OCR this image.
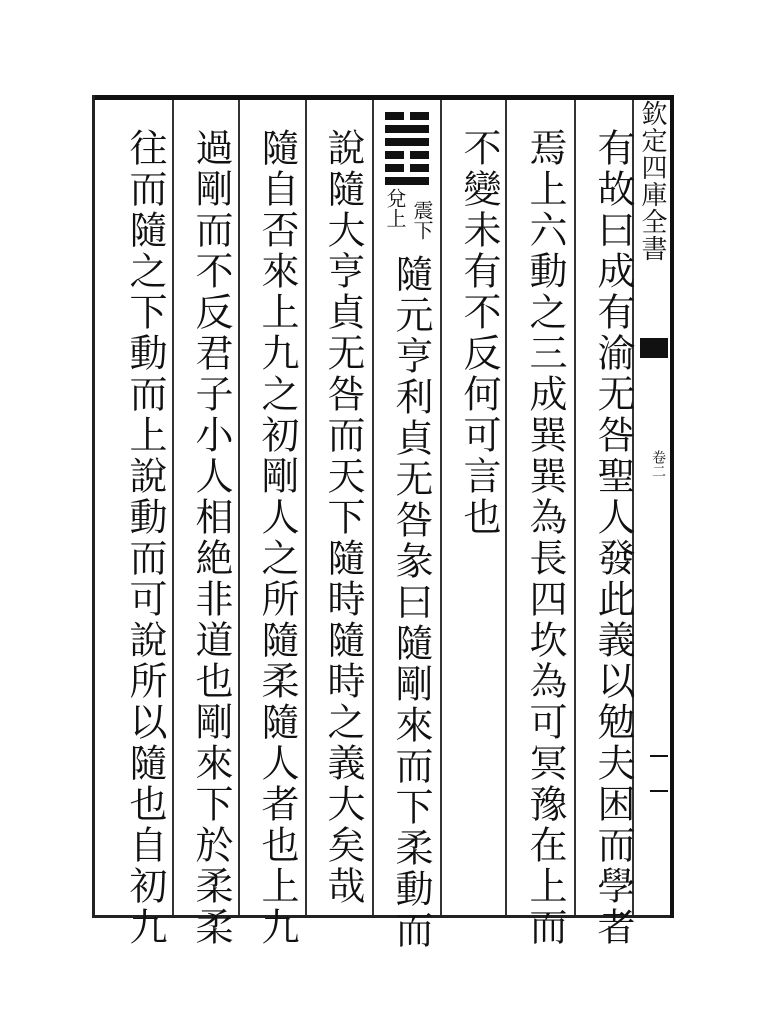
欽定四庫全書
卷二
有故曰成有渝无咎聖人發此義以勉夫困而學者
焉上六動之三成巽巽為長四坎為可冥豫在上而
不變未有不反何可言也
震下
兌上
隨元亨利貞无咎彖曰隨剛來而下柔動而
說隨大亨貞无咎而天下隨時隨時之義大矣哉
隨自否來上九之初剛人之所隨柔隨人者也上九
過剛而不反君子小人相絶非道也剛來下於柔柔
往而隨之下動而上說動而可說所以隨也自初九
